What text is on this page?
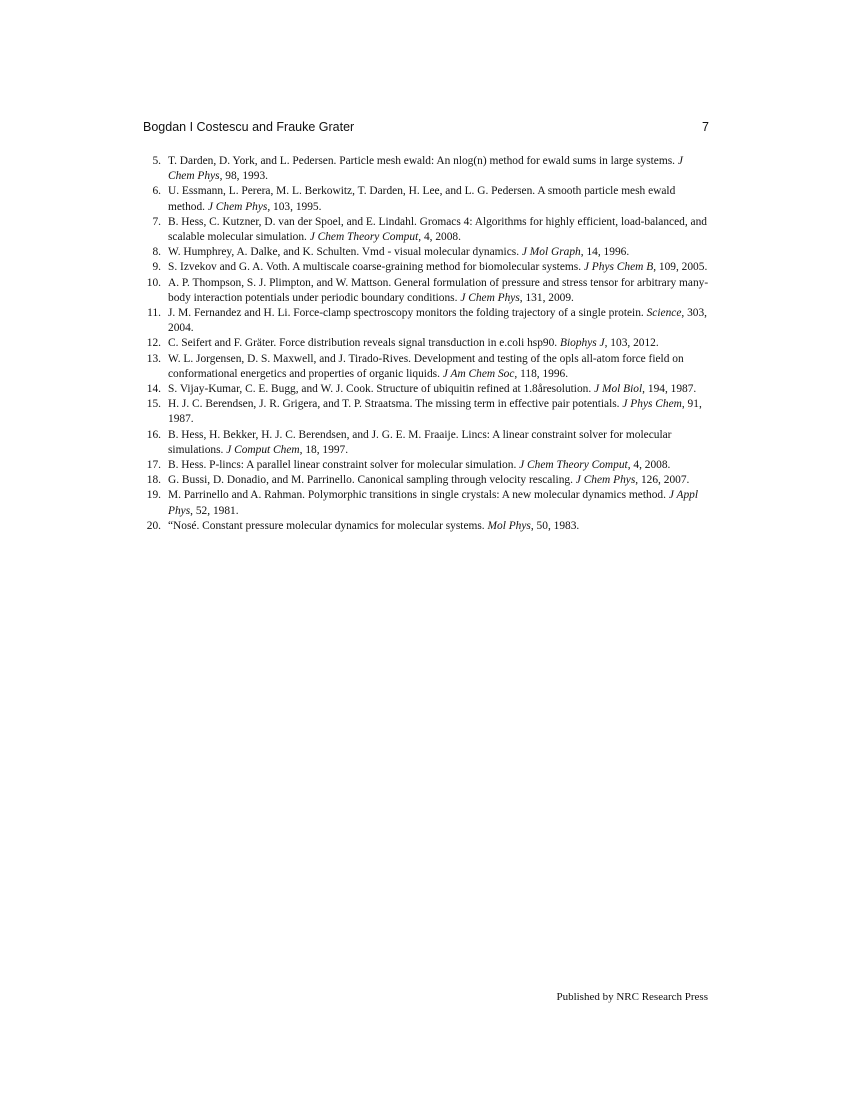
Bogdan I Costescu and Frauke Grater	7
5. T. Darden, D. York, and L. Pedersen. Particle mesh ewald: An nlog(n) method for ewald sums in large systems. J Chem Phys, 98, 1993.
6. U. Essmann, L. Perera, M. L. Berkowitz, T. Darden, H. Lee, and L. G. Pedersen. A smooth particle mesh ewald method. J Chem Phys, 103, 1995.
7. B. Hess, C. Kutzner, D. van der Spoel, and E. Lindahl. Gromacs 4: Algorithms for highly efficient, load-balanced, and scalable molecular simulation. J Chem Theory Comput, 4, 2008.
8. W. Humphrey, A. Dalke, and K. Schulten. Vmd - visual molecular dynamics. J Mol Graph, 14, 1996.
9. S. Izvekov and G. A. Voth. A multiscale coarse-graining method for biomolecular systems. J Phys Chem B, 109, 2005.
10. A. P. Thompson, S. J. Plimpton, and W. Mattson. General formulation of pressure and stress tensor for arbitrary many-body interaction potentials under periodic boundary conditions. J Chem Phys, 131, 2009.
11. J. M. Fernandez and H. Li. Force-clamp spectroscopy monitors the folding trajectory of a single protein. Science, 303, 2004.
12. C. Seifert and F. Gräter. Force distribution reveals signal transduction in e.coli hsp90. Biophys J, 103, 2012.
13. W. L. Jorgensen, D. S. Maxwell, and J. Tirado-Rives. Development and testing of the opls all-atom force field on conformational energetics and properties of organic liquids. J Am Chem Soc, 118, 1996.
14. S. Vijay-Kumar, C. E. Bugg, and W. J. Cook. Structure of ubiquitin refined at 1.8åresolution. J Mol Biol, 194, 1987.
15. H. J. C. Berendsen, J. R. Grigera, and T. P. Straatsma. The missing term in effective pair potentials. J Phys Chem, 91, 1987.
16. B. Hess, H. Bekker, H. J. C. Berendsen, and J. G. E. M. Fraaije. Lincs: A linear constraint solver for molecular simulations. J Comput Chem, 18, 1997.
17. B. Hess. P-lincs: A parallel linear constraint solver for molecular simulation. J Chem Theory Comput, 4, 2008.
18. G. Bussi, D. Donadio, and M. Parrinello. Canonical sampling through velocity rescaling. J Chem Phys, 126, 2007.
19. M. Parrinello and A. Rahman. Polymorphic transitions in single crystals: A new molecular dynamics method. J Appl Phys, 52, 1981.
20. “Nosé. Constant pressure molecular dynamics for molecular systems. Mol Phys, 50, 1983.
Published by NRC Research Press
